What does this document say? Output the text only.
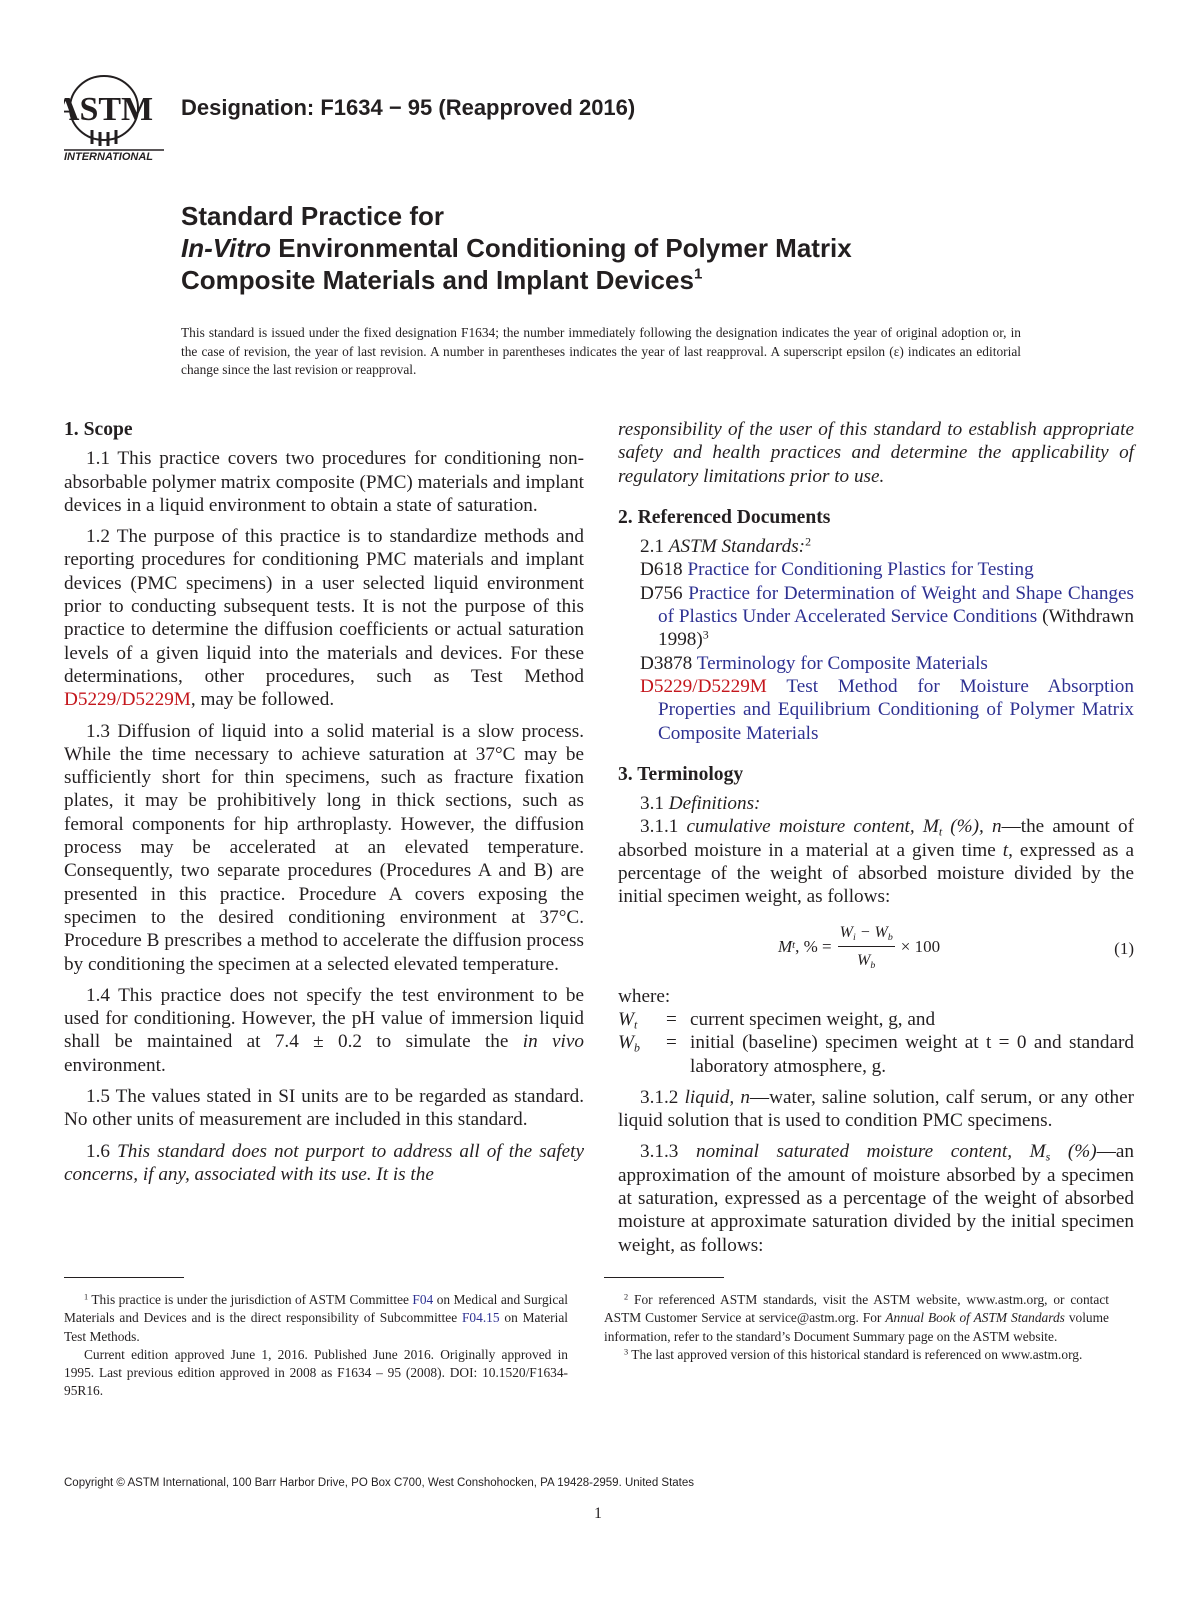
ASTM
INTERNATIONAL
Designation: F1634 − 95 (Reapproved 2016)
Standard Practice for
In-Vitro Environmental Conditioning of Polymer Matrix
Composite Materials and Implant Devices$^1$
This standard is issued under the fixed designation F1634; the number immediately following the designation indicates the year of original adoption or, in the case of revision, the year of last revision. A number in parentheses indicates the year of last reapproval. A superscript epsilon (ε) indicates an editorial change since the last revision or reapproval.
1. Scope

1.1 This practice covers two procedures for conditioning non-absorbable polymer matrix composite (PMC) materials and implant devices in a liquid environment to obtain a state of saturation.

1.2 The purpose of this practice is to standardize methods and reporting procedures for conditioning PMC materials and implant devices (PMC specimens) in a user selected liquid environment prior to conducting subsequent tests. It is not the purpose of this practice to determine the diffusion coefficients or actual saturation levels of a given liquid into the materials and devices. For these determinations, other procedures, such as Test Method D5229/D5229M, may be followed.

1.3 Diffusion of liquid into a solid material is a slow process. While the time necessary to achieve saturation at 37°C may be sufficiently short for thin specimens, such as fracture fixation plates, it may be prohibitively long in thick sections, such as femoral components for hip arthroplasty. However, the diffusion process may be accelerated at an elevated temperature. Consequently, two separate procedures (Procedures A and B) are presented in this practice. Procedure A covers exposing the specimen to the desired conditioning environment at 37°C. Procedure B prescribes a method to accelerate the diffusion process by conditioning the specimen at a selected elevated temperature.

1.4 This practice does not specify the test environment to be used for conditioning. However, the pH value of immersion liquid shall be maintained at 7.4 ± 0.2 to simulate the in vivo environment.

1.5 The values stated in SI units are to be regarded as standard. No other units of measurement are included in this standard.

1.6 This standard does not purport to address all of the safety concerns, if any, associated with its use. It is the

responsibility of the user of this standard to establish appropriate safety and health practices and determine the applicability of regulatory limitations prior to use.

2. Referenced Documents

2.1 ASTM Standards:$^2$

D618 Practice for Conditioning Plastics for Testing

D756 Practice for Determination of Weight and Shape Changes of Plastics Under Accelerated Service Conditions (Withdrawn 1998)$^3$

D3878 Terminology for Composite Materials

D5229/D5229M Test Method for Moisture Absorption Properties and Equilibrium Conditioning of Polymer Matrix Composite Materials

3. Terminology

3.1 Definitions:

3.1.1 cumulative moisture content, $M_t$ (%), n—the amount of absorbed moisture in a material at a given time t, expressed as a percentage of the weight of absorbed moisture divided by the initial specimen weight, as follows:

M t , % = $\frac{W_i - W_b}{W_b} \times 100$	(1)

where:

$W_t$	= current specimen weight, g, and
$W_b$	= initial (baseline) specimen weight at t = 0 and standard laboratory atmosphere, g.

3.1.2 liquid, n—water, saline solution, calf serum, or any other liquid solution that is used to condition PMC specimens.

3.1.3 nominal saturated moisture content, $M_s$ (%)—an approximation of the amount of moisture absorbed by a specimen at saturation, expressed as a percentage of the weight of absorbed moisture at approximate saturation divided by the initial specimen weight, as follows:

$^1$ This practice is under the jurisdiction of ASTM Committee F04 on Medical and Surgical Materials and Devices and is the direct responsibility of Subcommittee F04.15 on Material Test Methods.

Current edition approved June 1, 2016. Published June 2016. Originally approved in 1995. Last previous edition approved in 2008 as F1634 – 95 (2008). DOI: 10.1520/F1634-95R16.

$^2$ For referenced ASTM standards, visit the ASTM website, www.astm.org, or contact ASTM Customer Service at service@astm.org. For Annual Book of ASTM Standards volume information, refer to the standard’s Document Summary page on the ASTM website.

$^3$ The last approved version of this historical standard is referenced on www.astm.org.

Copyright © ASTM International, 100 Barr Harbor Drive, PO Box C700, West Conshohocken, PA 19428-2959. United States
1
